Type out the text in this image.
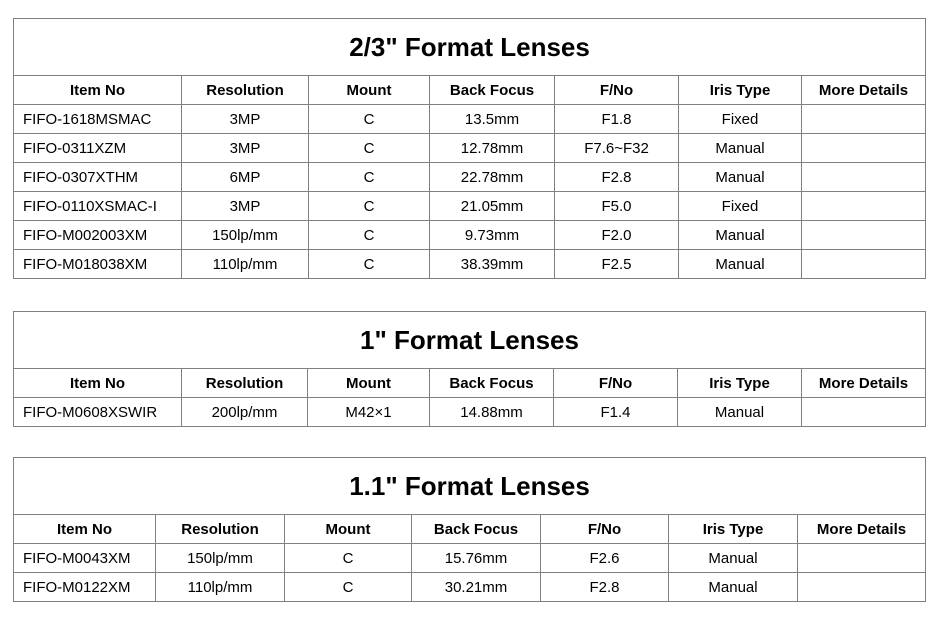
2/3" Format Lenses						
Item No	Resolution	Mount	Back Focus	F/No	Iris Type	More Details
FIFO-1618MSMAC	3MP	C	13.5mm	F1.8	Fixed	
FIFO-0311XZM	3MP	C	12.78mm	F7.6~F32	Manual	
FIFO-0307XTHM	6MP	C	22.78mm	F2.8	Manual	
FIFO-0110XSMAC-I	3MP	C	21.05mm	F5.0	Fixed	
FIFO-M002003XM	150lp/mm	C	9.73mm	F2.0	Manual	
FIFO-M018038XM	110lp/mm	C	38.39mm	F2.5	Manual	
1" Format Lenses						
Item No	Resolution	Mount	Back Focus	F/No	Iris Type	More Details
FIFO-M0608XSWIR	200lp/mm	M42×1	14.88mm	F1.4	Manual	
1.1" Format Lenses						
Item No	Resolution	Mount	Back Focus	F/No	Iris Type	More Details
FIFO-M0043XM	150lp/mm	C	15.76mm	F2.6	Manual	
FIFO-M0122XM	110lp/mm	C	30.21mm	F2.8	Manual	
